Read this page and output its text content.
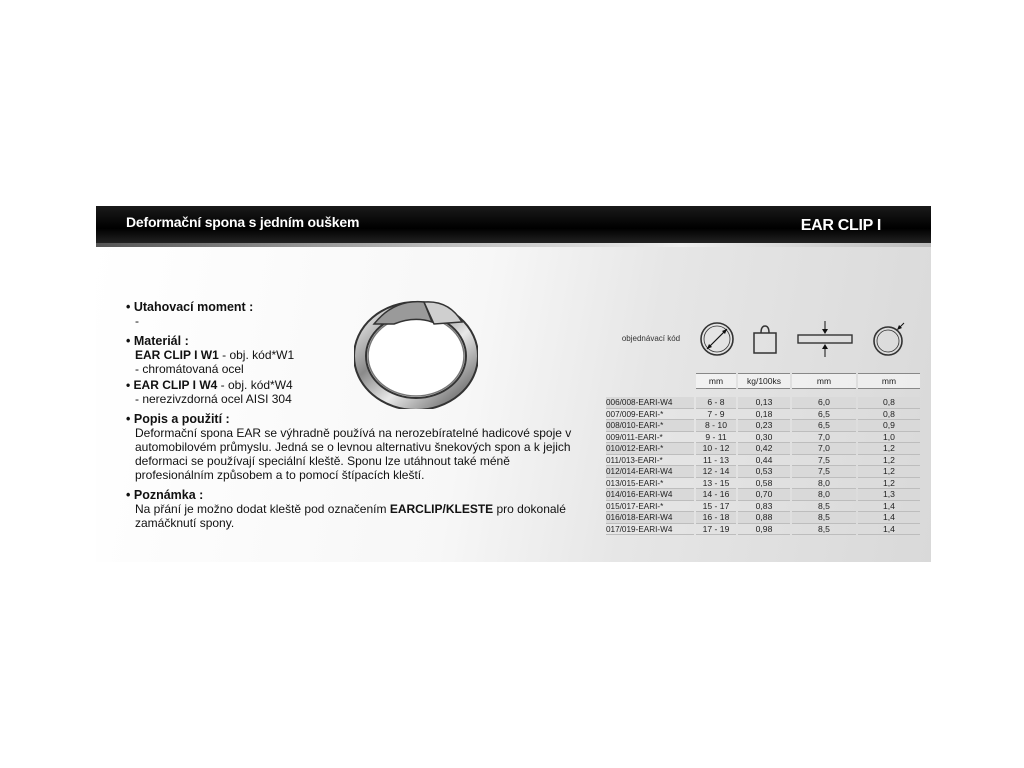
Deformační spona s jedním ouškem	EAR CLIP I
• Utahovací moment :
-
• Materiál :
EAR CLIP I W1 - obj. kód*W1
- chromátovaná ocel
• EAR CLIP I W4 - obj. kód*W4
- nerezivzdorná ocel AISI 304
• Popis a použití :
Deformační spona EAR se výhradně používá na nerozebíratelné hadicové spoje v automobilovém průmyslu. Jedná se o levnou alternativu šnekových spon a k jejich deformaci se používají speciální kleště. Sponu lze utáhnout také méně profesionálním způsobem a to pomocí štípacích kleští.
• Poznámka :
Na přání je možno dodat kleště pod označením EARCLIP/KLESTE pro dokonalé zamáčknutí spony.
objednávací kód
mm	kg/100ks	mm	mm
006/008-EARI-W4	6 - 8	0,13	6,0	0,8
007/009-EARI-*	7 - 9	0,18	6,5	0,8
008/010-EARI-*	8 - 10	0,23	6,5	0,9
009/011-EARI-*	9 - 11	0,30	7,0	1,0
010/012-EARI-*	10 - 12	0,42	7,0	1,2
011/013-EARI-*	11 - 13	0,44	7,5	1,2
012/014-EARI-W4	12 - 14	0,53	7,5	1,2
013/015-EARI-*	13 - 15	0,58	8,0	1,2
014/016-EARI-W4	14 - 16	0,70	8,0	1,3
015/017-EARI-*	15 - 17	0,83	8,5	1,4
016/018-EARI-W4	16 - 18	0,88	8,5	1,4
017/019-EARI-W4	17 - 19	0,98	8,5	1,4
